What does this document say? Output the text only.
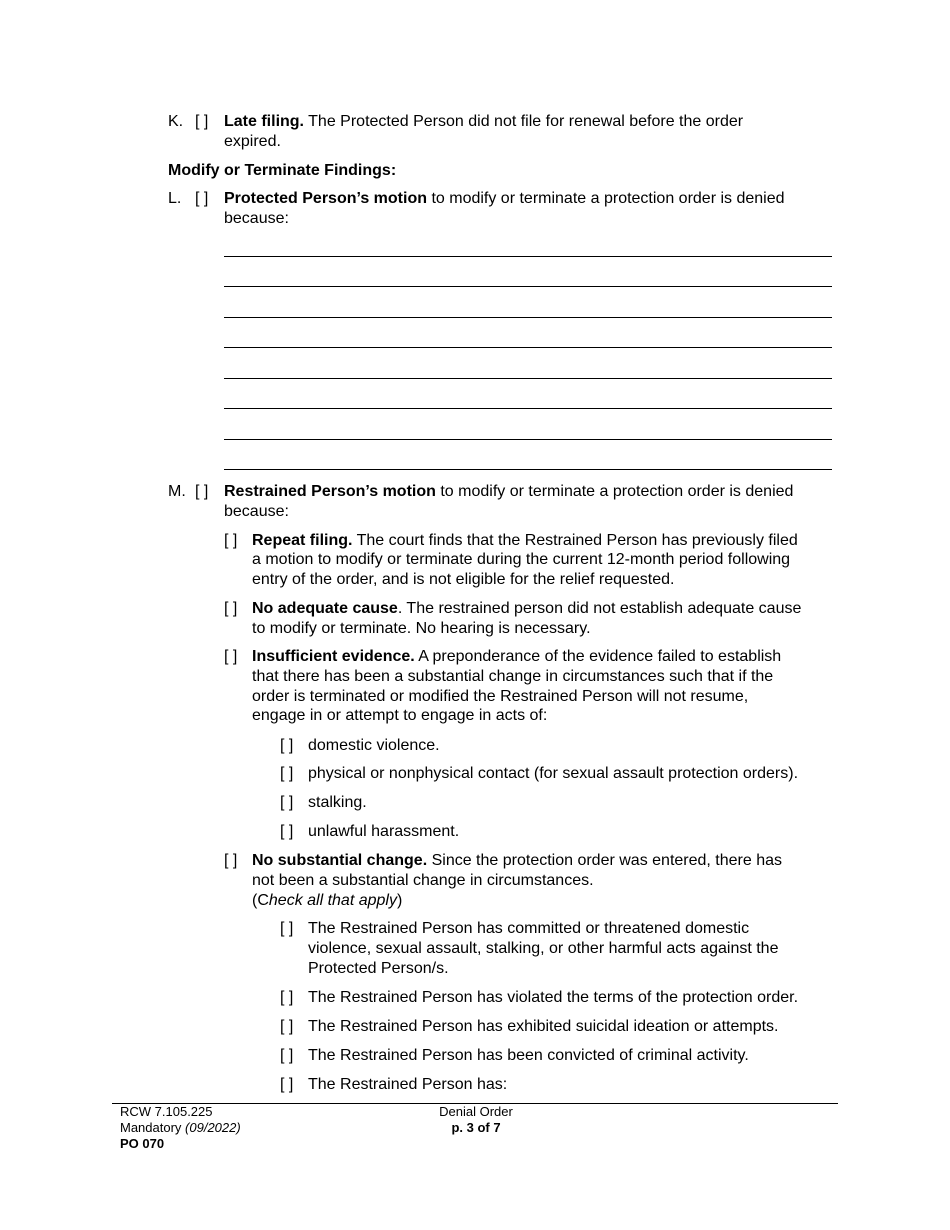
K. [ ] Late filing. The Protected Person did not file for renewal before the order
expired.
Modify or Terminate Findings:
L. [ ] Protected Person’s motion to modify or terminate a protection order is denied
because:
M. [ ] Restrained Person’s motion to modify or terminate a protection order is denied
because:
[ ] Repeat filing. The court finds that the Restrained Person has previously filed
a motion to modify or terminate during the current 12-month period following
entry of the order, and is not eligible for the relief requested.
[ ] No adequate cause. The restrained person did not establish adequate cause
to modify or terminate. No hearing is necessary.
[ ] Insufficient evidence. A preponderance of the evidence failed to establish
that there has been a substantial change in circumstances such that if the
order is terminated or modified the Restrained Person will not resume,
engage in or attempt to engage in acts of:
[ ] domestic violence.
[ ] physical or nonphysical contact (for sexual assault protection orders).
[ ] stalking.
[ ] unlawful harassment.
[ ] No substantial change. Since the protection order was entered, there has
not been a substantial change in circumstances.
(Check all that apply)
[ ] The Restrained Person has committed or threatened domestic
violence, sexual assault, stalking, or other harmful acts against the
Protected Person/s.
[ ] The Restrained Person has violated the terms of the protection order.
[ ] The Restrained Person has exhibited suicidal ideation or attempts.
[ ] The Restrained Person has been convicted of criminal activity.
[ ] The Restrained Person has:
RCW 7.105.225
Mandatory (09/2022)
PO 070
Denial Order
p. 3 of 7
